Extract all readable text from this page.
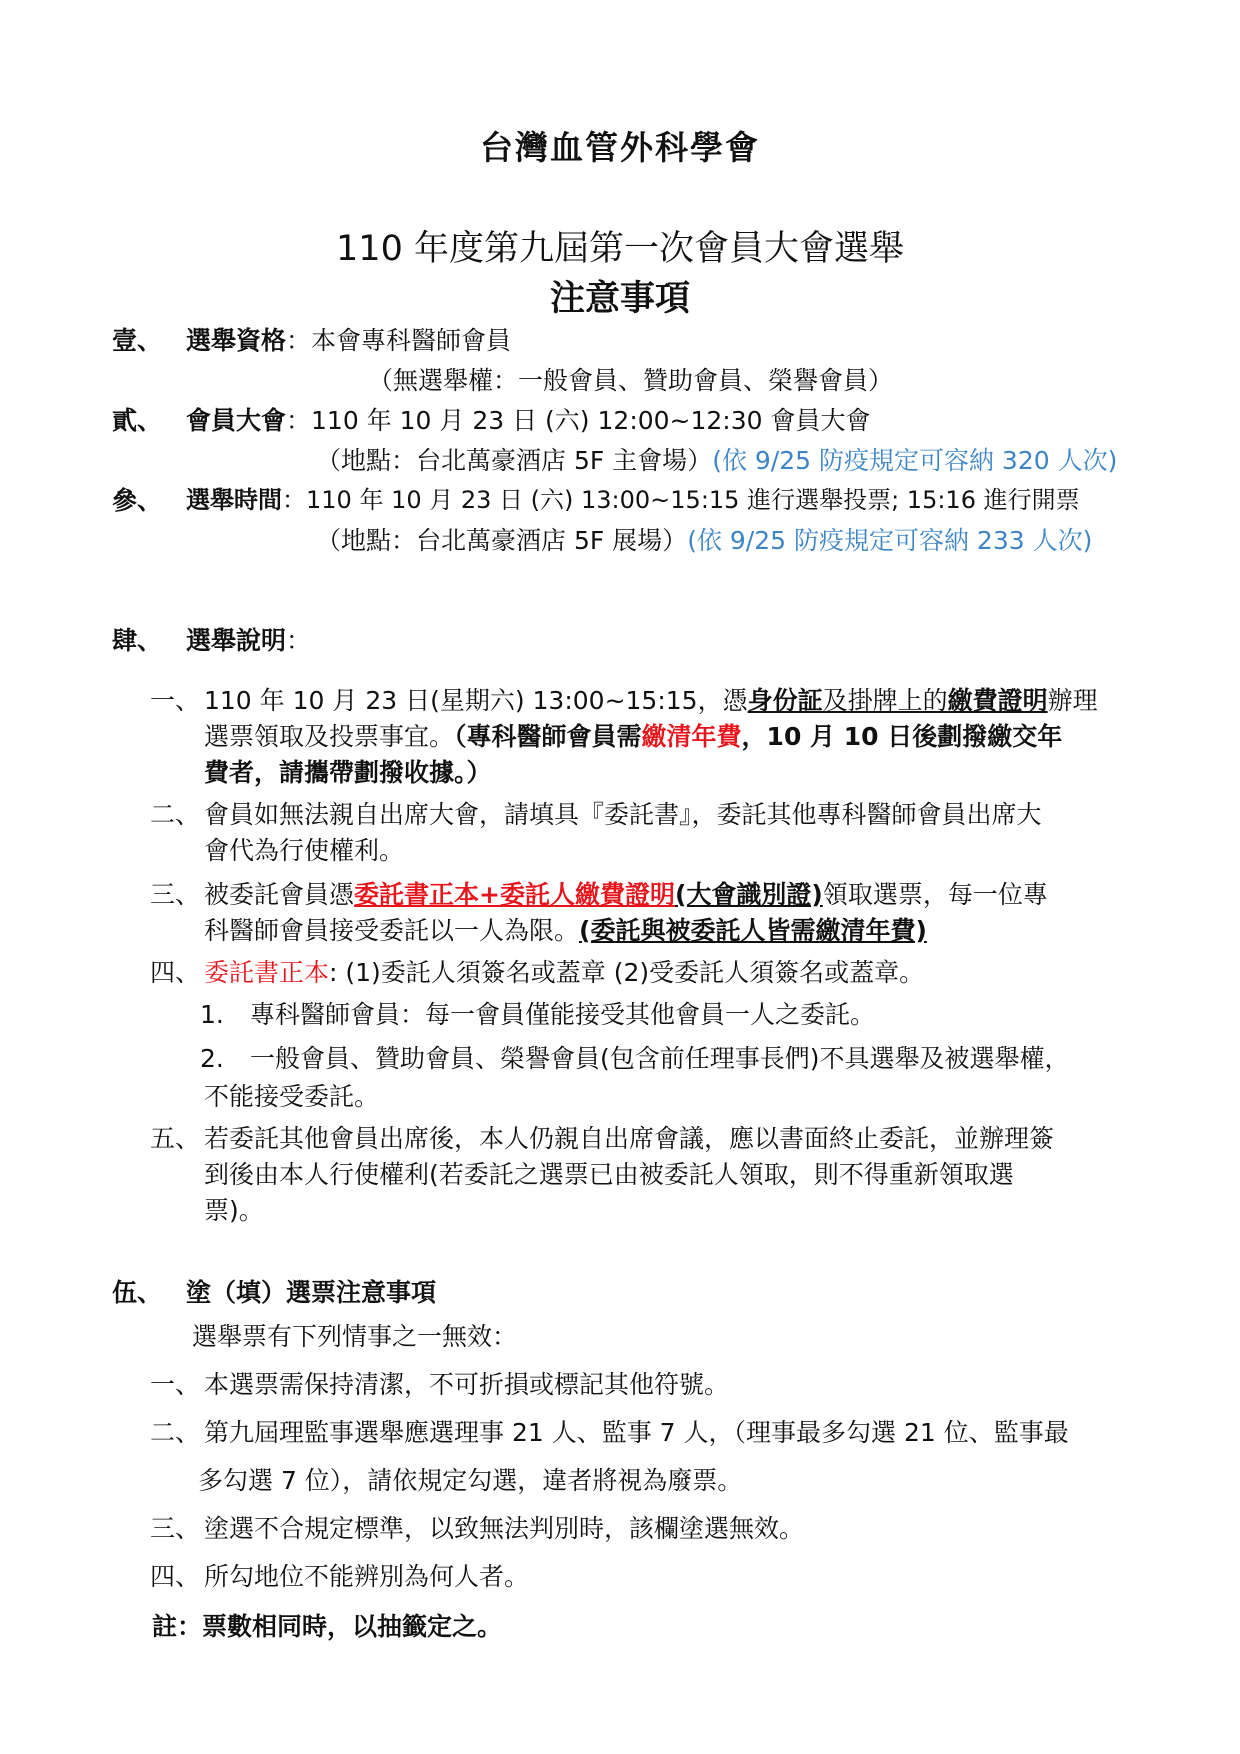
台灣血管外科學會
110 年度第九屆第一次會員大會選舉
注意事項
壹、 選舉資格：本會專科醫師會員
（無選舉權：一般會員、贊助會員、榮譽會員）
貳、 會員大會：110 年 10 月 23 日 (六) 12:00~12:30 會員大會
（地點：台北萬豪酒店 5F 主會場）(依 9/25 防疫規定可容納 320 人次)
參、 選舉時間：110 年 10 月 23 日 (六) 13:00~15:15 進行選舉投票; 15:16 進行開票
（地點：台北萬豪酒店 5F 展場）(依 9/25 防疫規定可容納 233 人次)
肆、 選舉說明：
一、 110 年 10 月 23 日(星期六) 13:00~15:15，憑身份証及掛牌上的繳費證明辦理
選票領取及投票事宜。（專科醫師會員需繳清年費，10 月 10 日後劃撥繳交年
費者，請攜帶劃撥收據。）
二、 會員如無法親自出席大會，請填具『委託書』，委託其他專科醫師會員出席大
會代為行使權利。
三、 被委託會員憑委託書正本+委託人繳費證明(大會識別證)領取選票，每一位專
科醫師會員接受委託以一人為限。(委託與被委託人皆需繳清年費)
四、 委託書正本: (1)委託人須簽名或蓋章 (2)受委託人須簽名或蓋章。
1. 專科醫師會員：每一會員僅能接受其他會員一人之委託。
2. 一般會員、贊助會員、榮譽會員(包含前任理事長們)不具選舉及被選舉權，
不能接受委託。
五、 若委託其他會員出席後，本人仍親自出席會議，應以書面終止委託，並辦理簽
到後由本人行使權利(若委託之選票已由被委託人領取，則不得重新領取選
票)。
伍、 塗（填）選票注意事項
選舉票有下列情事之一無效：
一、 本選票需保持清潔，不可折損或標記其他符號。
二、 第九屆理監事選舉應選理事 21 人、監事 7 人，（理事最多勾選 21 位、監事最
多勾選 7 位），請依規定勾選，違者將視為廢票。
三、 塗選不合規定標準，以致無法判別時，該欄塗選無效。
四、 所勾地位不能辨別為何人者。
註：票數相同時，以抽籤定之。
